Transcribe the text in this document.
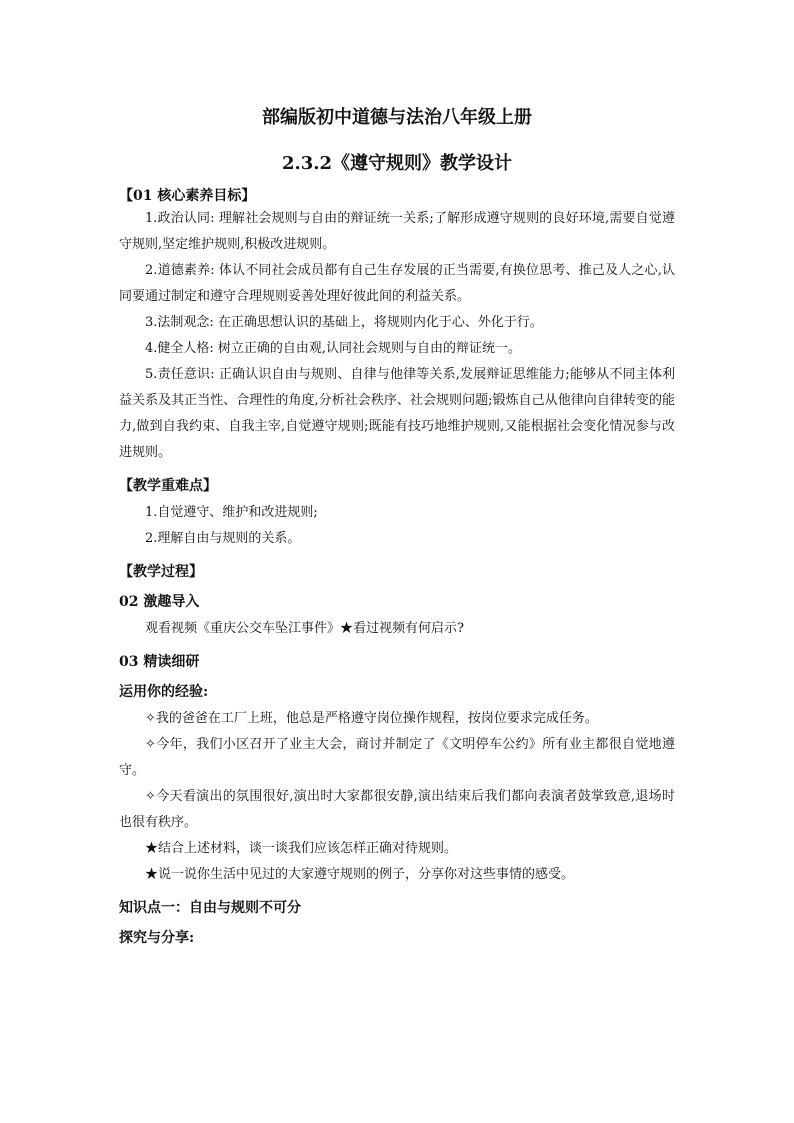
部编版初中道德与法治八年级上册
2.3.2《遵守规则》教学设计
【01 核心素养目标】

1.政治认同: 理解社会规则与自由的辩证统一关系;了解形成遵守规则的良好环境,需要自觉遵守规则,坚定维护规则,积极改进规则。

2.道德素养: 体认不同社会成员都有自己生存发展的正当需要,有换位思考、推己及人之心,认同要通过制定和遵守合理规则妥善处理好彼此间的利益关系。

3.法制观念: 在正确思想认识的基础上，将规则内化于心、外化于行。

4.健全人格: 树立正确的自由观,认同社会规则与自由的辩证统一。

5.责任意识: 正确认识自由与规则、自律与他律等关系,发展辩证思维能力;能够从不同主体利益关系及其正当性、合理性的角度,分析社会秩序、社会规则问题;锻炼自己从他律向自律转变的能力,做到自我约束、自我主宰,自觉遵守规则;既能有技巧地维护规则,又能根据社会变化情况参与改进规则。

【教学重难点】

1.自觉遵守、维护和改进规则;

2.理解自由与规则的关系。

【教学过程】
02 激趣导入

观看视频《重庆公交车坠江事件》★看过视频有何启示?

03 精读细研
运用你的经验:

✧我的爸爸在工厂上班，他总是严格遵守岗位操作规程，按岗位要求完成任务。

✧今年，我们小区召开了业主大会，商讨并制定了《文明停车公约》所有业主都很自觉地遵守。

✧今天看演出的氛围很好,演出时大家都很安静,演出结束后我们都向表演者鼓掌致意,退场时也很有秩序。

★结合上述材料，谈一谈我们应该怎样正确对待规则。

★说一说你生活中见过的大家遵守规则的例子，分享你对这些事情的感受。

知识点一：自由与规则不可分
探究与分享:
